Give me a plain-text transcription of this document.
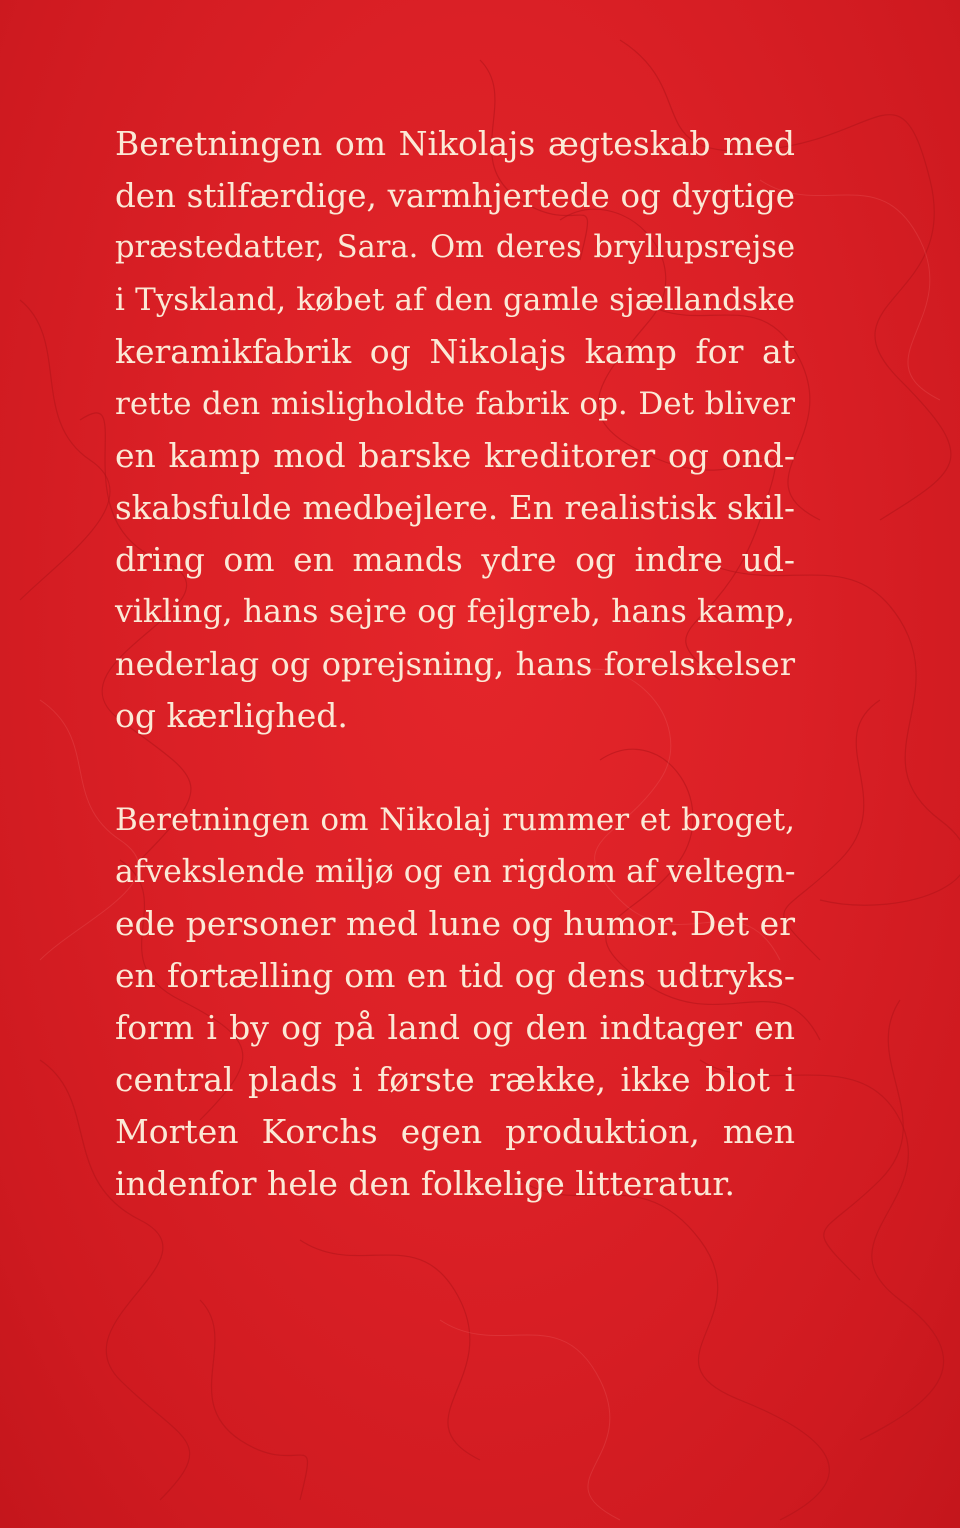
Beretningen om Nikolajs ægteskab med
den stilfærdige, varmhjertede og dygtige
præstedatter, Sara. Om deres bryllupsrejse
i Tyskland, købet af den gamle sjællandske
keramikfabrik og Nikolajs kamp for at
rette den misligholdte fabrik op. Det bliver
en kamp mod barske kreditorer og ond-
skabsfulde medbejlere. En realistisk skil-
dring om en mands ydre og indre ud-
vikling, hans sejre og fejlgreb, hans kamp,
nederlag og oprejsning, hans forelskelser
og kærlighed.
Beretningen om Nikolaj rummer et broget,
afvekslende miljø og en rigdom af veltegn-
ede personer med lune og humor. Det er
en fortælling om en tid og dens udtryks-
form i by og på land og den indtager en
central plads i første række, ikke blot i
Morten Korchs egen produktion, men
indenfor hele den folkelige litteratur.
